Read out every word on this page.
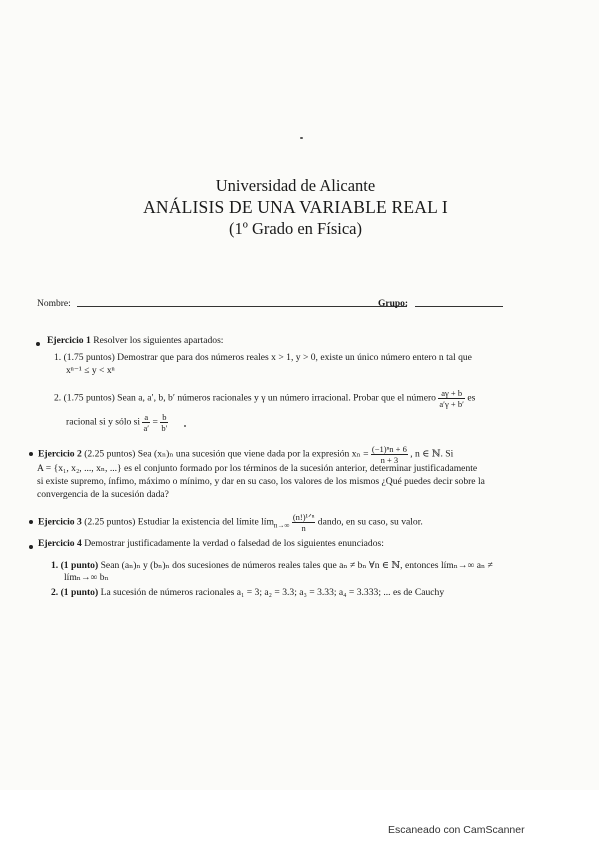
Universidad de Alicante
ANÁLISIS DE UNA VARIABLE REAL I
(1º Grado en Física)
Nombre:	Grupo:
Ejercicio 1 Resolver los siguientes apartados:
1. (1.75 puntos) Demostrar que para dos números reales x > 1, y > 0, existe un único número entero n tal que
xⁿ⁻¹ ≤ y < xⁿ
2. (1.75 puntos) Sean a, a′, b, b′ números racionales y γ un número irracional. Probar que el número $\frac{a\gamma + b}{a'\gamma + b'}$ es
racional si y sólo si $\frac{a}{a'} = \frac{b}{b'}$
Ejercicio 2 (2.25 puntos) Sea (xₙ)ₙ una sucesión que viene dada por la expresión $x_n = \frac{\text{(−1)ⁿn + 6}}{n + 3}$ , n ∈ ℕ. Si
A = {x₁, x₂, ..., xₙ, ...} es el conjunto formado por los términos de la sucesión anterior, determinar justificadamente
si existe supremo, ínfimo, máximo o mínimo, y dar en su caso, los valores de los mismos ¿Qué puedes decir sobre la
convergencia de la sucesión dada?
Ejercicio 3 (2.25 puntos) Estudiar la existencia del límite lím$_{n\to\infty}$ $\frac{\text{(n!)¹ᐟⁿ}}{n}$ dando, en su caso, su valor.
Ejercicio 4 Demostrar justificadamente la verdad o falsedad de los siguientes enunciados:
1. (1 punto) Sean (aₙ)ₙ y (bₙ)ₙ dos sucesiones de números reales tales que aₙ ≠ bₙ ∀n ∈ ℕ, entonces límₙ→∞ aₙ ≠
límₙ→∞ bₙ
2. (1 punto) La sucesión de números racionales a₁ = 3; a₂ = 3.3; a₃ = 3.33; a₄ = 3.333; ... es de Cauchy
Escaneado con CamScanner
